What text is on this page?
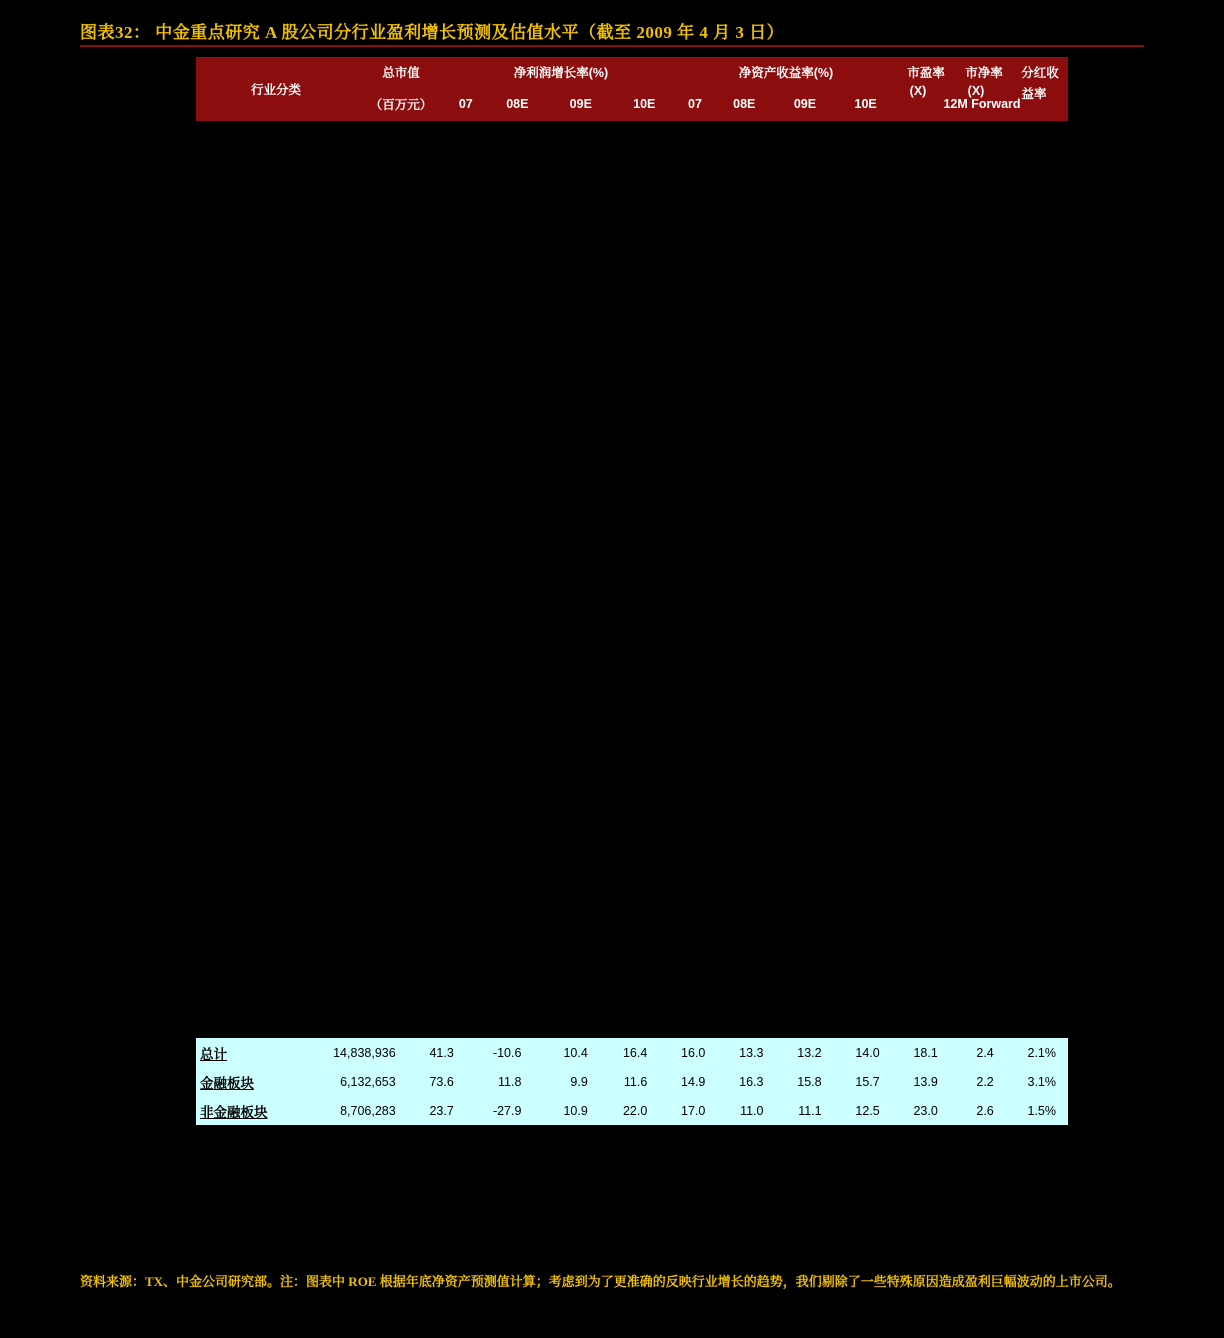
图表32： 中金重点研究 A 股公司分行业盈利增长预测及估值水平（截至 2009 年 4 月 3 日）
行业分类	总市值	净利润增长率(%)				净资产收益率(%)				市盈率	市净率	分红收
	（百万元）	07	08E	09E	10E	07	08E	09E	10E	12M Forward		
(X)	(X)	益率
总计	14,838,936	41.3	-10.6	10.4	16.4	16.0	13.3	13.2	14.0	18.1	2.4	2.1%
金融板块	6,132,653	73.6	11.8	9.9	11.6	14.9	16.3	15.8	15.7	13.9	2.2	3.1%
非金融板块	8,706,283	23.7	-27.9	10.9	22.0	17.0	11.0	11.1	12.5	23.0	2.6	1.5%
资料来源：TX、中金公司研究部。注：图表中 ROE 根据年底净资产预测值计算；考虑到为了更准确的反映行业增长的趋势，我们剔除了一些特殊原因造成盈利巨幅波动的上市公司。
